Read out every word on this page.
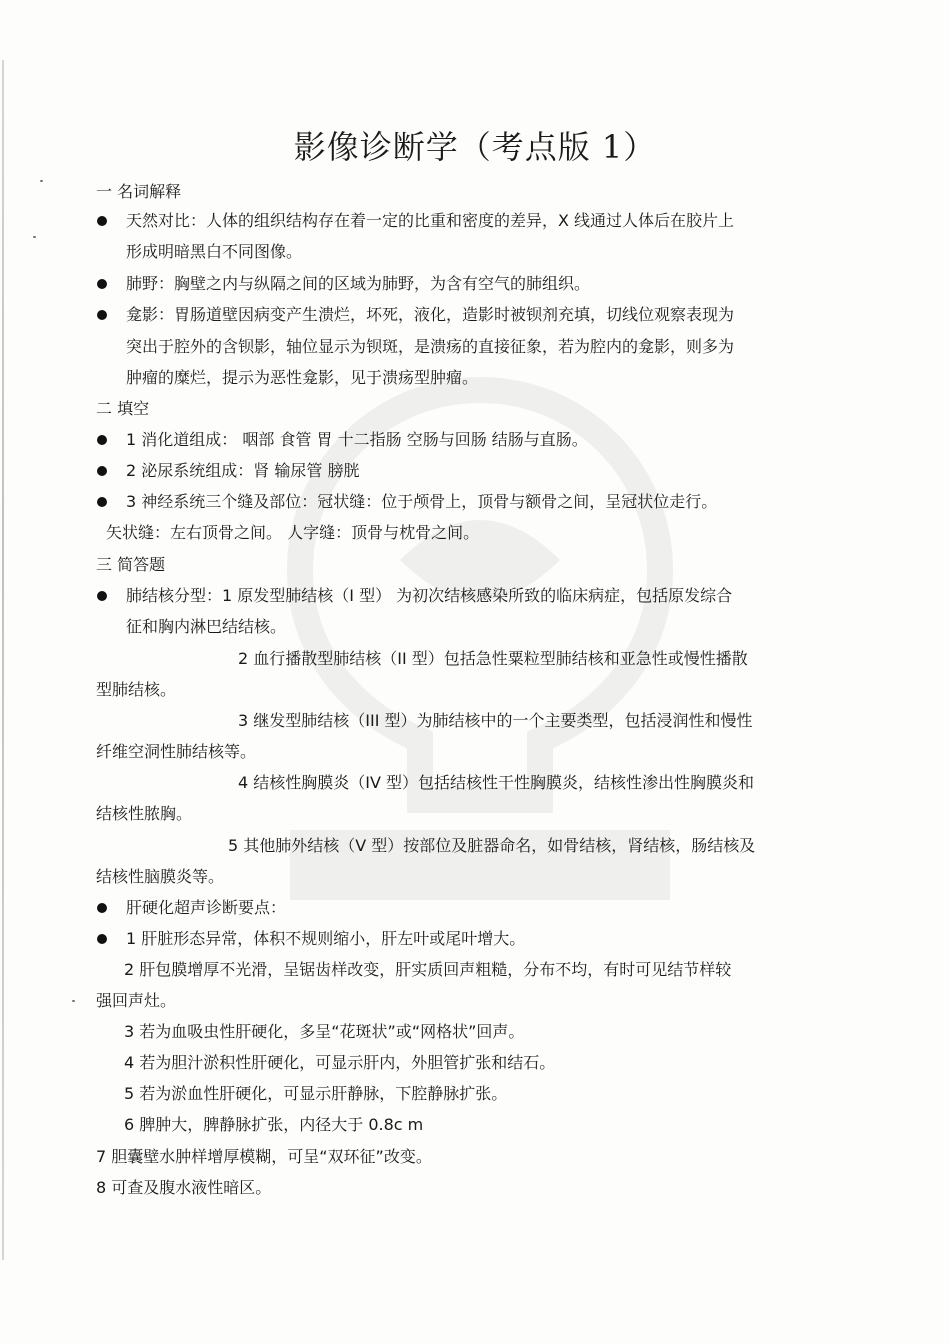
影像诊断学（考点版 1）
一 名词解释
天然对比：人体的组织结构存在着一定的比重和密度的差异，X 线通过人体后在胶片上
形成明暗黑白不同图像。
肺野：胸壁之内与纵隔之间的区域为肺野，为含有空气的肺组织。
龛影：胃肠道壁因病变产生溃烂，坏死，液化，造影时被钡剂充填，切线位观察表现为
突出于腔外的含钡影，轴位显示为钡斑，是溃疡的直接征象，若为腔内的龛影，则多为
肿瘤的糜烂，提示为恶性龛影，见于溃疡型肿瘤。
二 填空
1 消化道组成： 咽部 食管 胃 十二指肠 空肠与回肠 结肠与直肠。
2 泌尿系统组成：肾 输尿管 膀胱
3 神经系统三个缝及部位：冠状缝：位于颅骨上，顶骨与额骨之间，呈冠状位走行。
矢状缝：左右顶骨之间。 人字缝：顶骨与枕骨之间。
三 简答题
肺结核分型：1 原发型肺结核（I 型） 为初次结核感染所致的临床病症，包括原发综合
征和胸内淋巴结结核。
2 血行播散型肺结核（II 型）包括急性粟粒型肺结核和亚急性或慢性播散
型肺结核。
3 继发型肺结核（III 型）为肺结核中的一个主要类型，包括浸润性和慢性
纤维空洞性肺结核等。
4 结核性胸膜炎（IV 型）包括结核性干性胸膜炎，结核性渗出性胸膜炎和
结核性脓胸。
5 其他肺外结核（V 型）按部位及脏器命名，如骨结核，肾结核，肠结核及
结核性脑膜炎等。
肝硬化超声诊断要点：
1 肝脏形态异常，体积不规则缩小，肝左叶或尾叶增大。
2 肝包膜增厚不光滑，呈锯齿样改变，肝实质回声粗糙，分布不均，有时可见结节样较
强回声灶。
3 若为血吸虫性肝硬化，多呈“花斑状”或“网格状”回声。
4 若为胆汁淤积性肝硬化，可显示肝内，外胆管扩张和结石。
5 若为淤血性肝硬化，可显示肝静脉，下腔静脉扩张。
6 脾肿大，脾静脉扩张，内径大于 0.8c m
7 胆囊壁水肿样增厚模糊，可呈“双环征”改变。
8 可查及腹水液性暗区。
